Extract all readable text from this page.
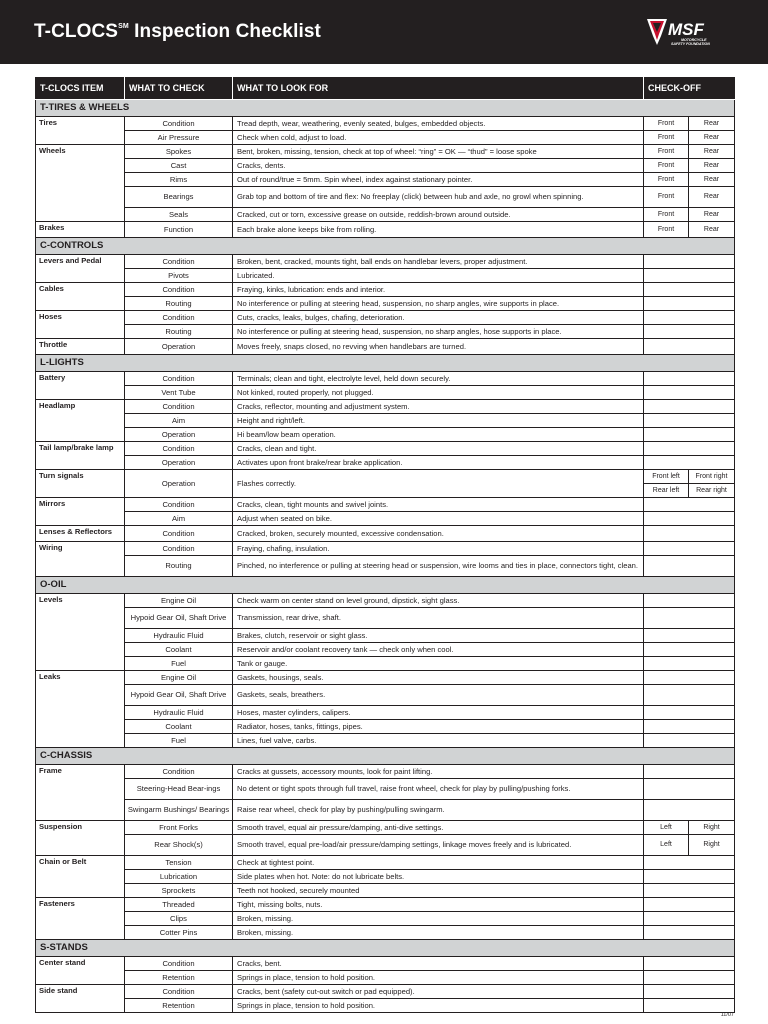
T-CLOCS℠ Inspection Checklist	MSF
MOTORCYCLE
SAFETY FOUNDATION
T-CLOCS ITEM	WHAT TO CHECK	WHAT TO LOOK FOR	CHECK-OFF	
T-TIRES & WHEELS				
Tires	Condition	Tread depth, wear, weathering, evenly seated, bulges, embedded objects.	Front	Rear
	Air Pressure	Check when cold, adjust to load.	Front	Rear
Wheels	Spokes	Bent, broken, missing, tension, check at top of wheel: “ring” = OK — “thud” = loose spoke	Front	Rear
	Cast	Cracks, dents.	Front	Rear
	Rims	Out of round/true = 5mm. Spin wheel, index against stationary pointer.	Front	Rear
	Bearings	Grab top and bottom of tire and flex: No freeplay (click) between hub and axle, no growl when spinning.	Front	Rear
	Seals	Cracked, cut or torn, excessive grease on outside, reddish-brown around outside.	Front	Rear
Brakes	Function	Each brake alone keeps bike from rolling.	Front	Rear
C-CONTROLS				
Levers and Pedal	Condition	Broken, bent, cracked, mounts tight, ball ends on handlebar levers, proper adjustment.		
	Pivots	Lubricated.		
Cables	Condition	Fraying, kinks, lubrication: ends and interior.		
	Routing	No interference or pulling at steering head, suspension, no sharp angles, wire supports in place.		
Hoses	Condition	Cuts, cracks, leaks, bulges, chafing, deterioration.		
	Routing	No interference or pulling at steering head, suspension, no sharp angles, hose supports in place.		
Throttle	Operation	Moves freely, snaps closed, no revving when handlebars are turned.		
L-LIGHTS				
Battery	Condition	Terminals; clean and tight, electrolyte level, held down securely.		
	Vent Tube	Not kinked, routed properly, not plugged.		
Headlamp	Condition	Cracks, reflector, mounting and adjustment system.		
	Aim	Height and right/left.		
	Operation	Hi beam/low beam operation.		
Tail lamp/brake lamp	Condition	Cracks, clean and tight.		
	Operation	Activates upon front brake/rear brake application.		
Turn signals	Operation	Flashes correctly.	Front left	Front right
			Rear left	Rear right
Mirrors	Condition	Cracks, clean, tight mounts and swivel joints.		
	Aim	Adjust when seated on bike.		
Lenses & Reflectors	Condition	Cracked, broken, securely mounted, excessive condensation.		
Wiring	Condition	Fraying, chafing, insulation.		
	Routing	Pinched, no interference or pulling at steering head or suspension, wire looms and ties in place, connectors tight, clean.		
O-OIL				
Levels	Engine Oil	Check warm on center stand on level ground, dipstick, sight glass.		
	Hypoid Gear Oil, Shaft Drive	Transmission, rear drive, shaft.		
	Hydraulic Fluid	Brakes, clutch, reservoir or sight glass.		
	Coolant	Reservoir and/or coolant recovery tank — check only when cool.		
	Fuel	Tank or gauge.		
Leaks	Engine Oil	Gaskets, housings, seals.		
	Hypoid Gear Oil, Shaft Drive	Gaskets, seals, breathers.		
	Hydraulic Fluid	Hoses, master cylinders, calipers.		
	Coolant	Radiator, hoses, tanks, fittings, pipes.		
	Fuel	Lines, fuel valve, carbs.		
C-CHASSIS				
Frame	Condition	Cracks at gussets, accessory mounts, look for paint lifting.		
	Steering-Head Bear-ings	No detent or tight spots through full travel, raise front wheel, check for play by pulling/pushing forks.		
	Swingarm Bushings/ Bearings	Raise rear wheel, check for play by pushing/pulling swingarm.		
Suspension	Front Forks	Smooth travel, equal air pressure/damping, anti-dive settings.	Left	Right
	Rear Shock(s)	Smooth travel, equal pre-load/air pressure/damping settings, linkage moves freely and is lubricated.	Left	Right
Chain or Belt	Tension	Check at tightest point.		
	Lubrication	Side plates when hot. Note: do not lubricate belts.		
	Sprockets	Teeth not hooked, securely mounted		
Fasteners	Threaded	Tight, missing bolts, nuts.		
	Clips	Broken, missing.		
	Cotter Pins	Broken, missing.		
S-STANDS				
Center stand	Condition	Cracks, bent.		
	Retention	Springs in place, tension to hold position.		
Side stand	Condition	Cracks, bent (safety cut-out switch or pad equipped).		
	Retention	Springs in place, tension to hold position.		
11/07
